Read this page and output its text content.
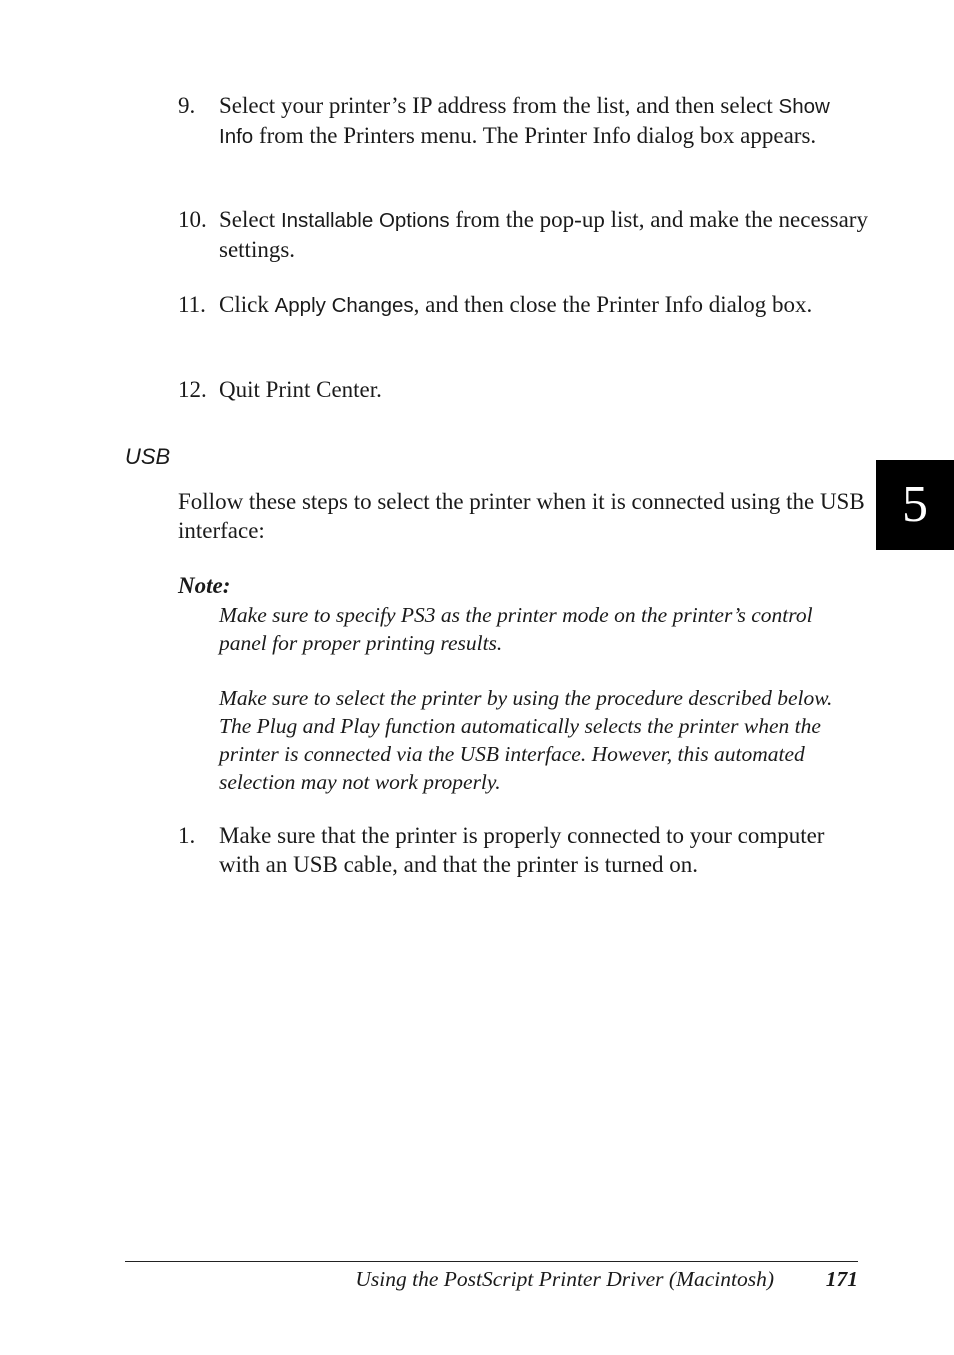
9. Select your printer’s IP address from the list, and then select Show Info from the Printers menu. The Printer Info dialog box appears.
10. Select Installable Options from the pop-up list, and make the necessary settings.
11. Click Apply Changes, and then close the Printer Info dialog box.
12. Quit Print Center.
USB
Follow these steps to select the printer when it is connected using the USB interface:
Note:
Make sure to specify PS3 as the printer mode on the printer’s control panel for proper printing results.
Make sure to select the printer by using the procedure described below. The Plug and Play function automatically selects the printer when the printer is connected via the USB interface. However, this automated selection may not work properly.
1. Make sure that the printer is properly connected to your computer with an USB cable, and that the printer is turned on.
5
Using the PostScript Printer Driver (Macintosh) 171
